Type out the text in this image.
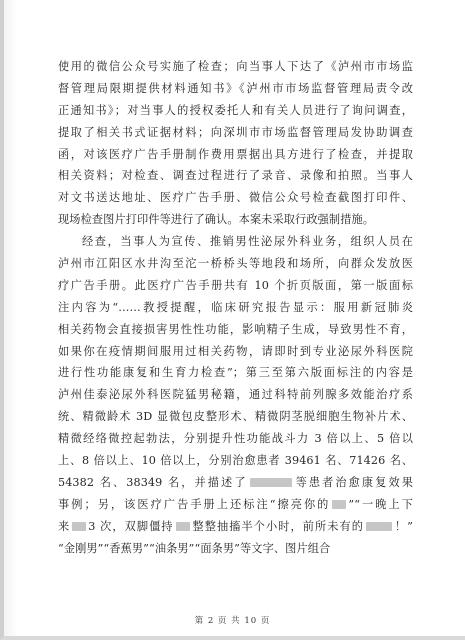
使用的微信公众号实施了检查；向当事人下达了《泸州市市场监
督管理局限期提供材料通知书》《泸州市市场监督管理局责令改
正通知书》；对当事人的授权委托人和有关人员进行了询问调查，
提取了相关书式证据材料；向深圳市市场监督管理局发协助调查
函，对该医疗广告手册制作费用票据出具方进行了检查，并提取
相关资料；对检查、调查过程进行了录音、录像和拍照。当事人
对文书送达地址、医疗广告手册、微信公众号检查截图打印件、
现场检查图片打印件等进行了确认。本案未采取行政强制措施。
经查，当事人为宣传、推销男性泌尿外科业务，组织人员在
泸州市江阳区水井沟至沱一桥桥头等地段和场所，向群众发放医
疗广告手册。此医疗广告手册共有 10 个折页版面，第一版面标
注内容为“……教授提醒，临床研究报告显示：服用新冠肺炎
相关药物会直接损害男性性功能，影响精子生成，导致男性不育，
如果你在疫情期间服用过相关药物，请即时到专业泌尿外科医院
进行性功能康复和生育力检查”；第三至第六版面标注的内容是
泸州佳泰泌尿外科医院猛男秘籍，通过科特前列腺多效能治疗系
统、精微龄术 3D 显微包皮整形术、精微阴茎脱细胞生物补片术、
精微经络微控起勃法，分别提升性功能战斗力 3 倍以上、5 倍以
上、8 倍以上、10 倍以上，分别治愈患者 39461 名、71426 名、
54382 名、38349 名，并描述了	等患者治愈康复效果
事例；另，该医疗广告手册上还标注“擦亮你的 ”“一晚上下
来 3 次，双脚僵持 整整抽搐半个小时，前所未有的	！”
“金刚男”“香蕉男”“油条男”“面条男”等文字、图片组合
第 2 页 共 10 页
